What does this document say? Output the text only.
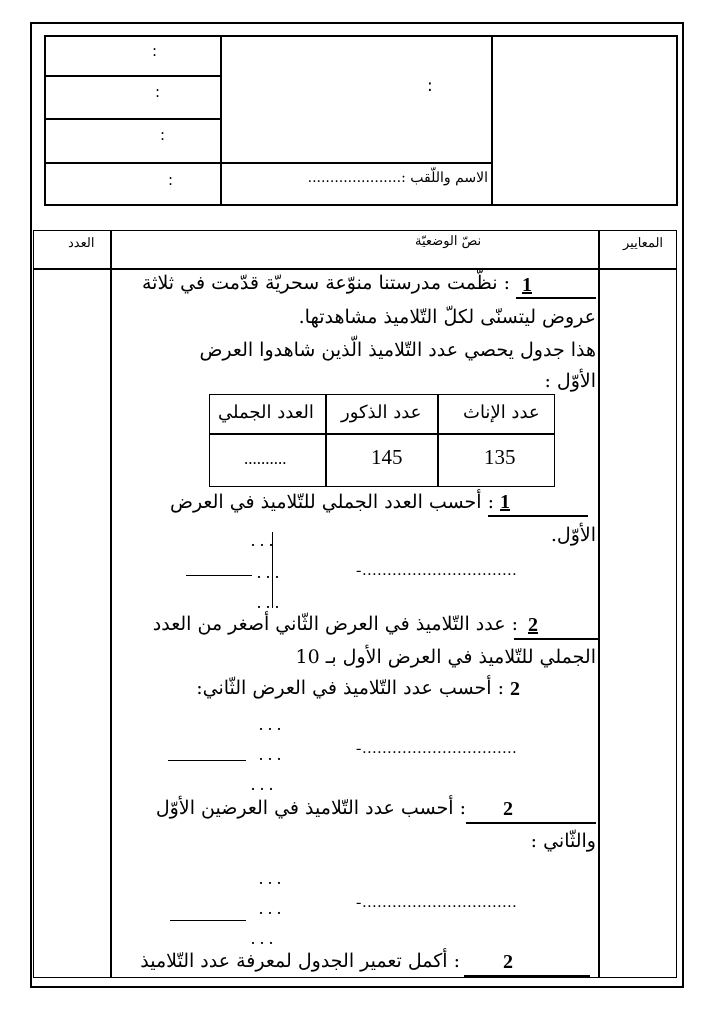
:
:
:
:
:
الاسم واللّقب :.....................
المعايير
نصّ الوضعيّة
العدد
1
: نظّمت مدرستنا منوّعة سحريّة قدّمت في ثلاثة
عروض ليتسنّى لكلّ التّلاميذ مشاهدتها.
هذا جدول يحصي عدد التّلاميذ الّذين شاهدوا العرض
الأوّل :
عدد الإناث
عدد الذكور
العدد الجملي
135
145
..........
1
: أحسب العدد الجملي للتّلاميذ في العرض
الأوّل.
. . .
. . .
. . .
-...............................
2
: عدد التّلاميذ في العرض الثّاني أصغر من العدد
الجملي للتّلاميذ في العرض الأول بـ 10
2
: أحسب عدد التّلاميذ في العرض الثّاني:
. . .
. . .
. . .
-...............................
2
: أحسب عدد التّلاميذ في العرضين الأوّل
والثّاني :
. . .
. . .
. . .
-...............................
2
: أكمل تعمير الجدول لمعرفة عدد التّلاميذ
